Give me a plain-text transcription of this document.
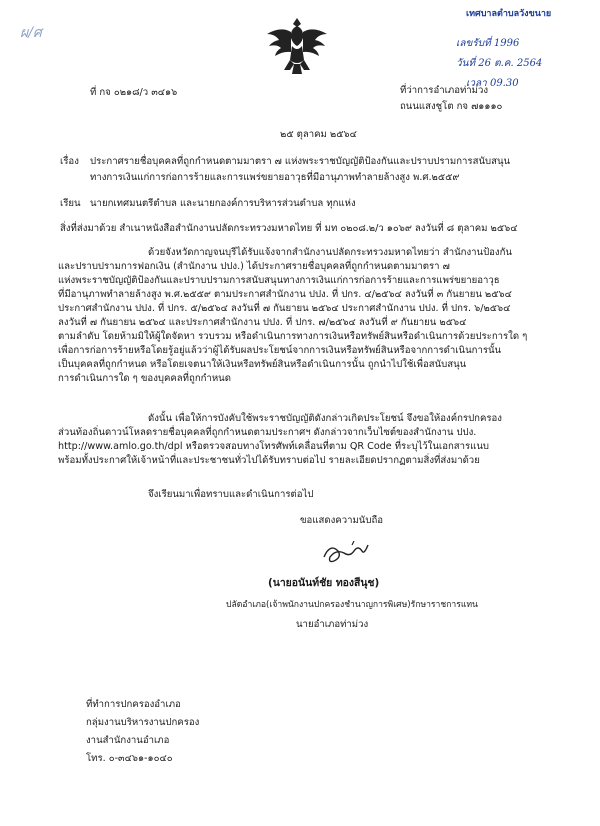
ผ/ศ
เทศบาลตำบลวังขนาย
เลขรับที่ 1996
วันที่ 26 ต.ค. 2564
เวลา 09.30
ที่ กจ ๐๒๑๘/ว ๓๔๑๖	ที่ว่าการอำเภอท่าม่วง
ถนนแสงชูโต กจ ๗๑๑๑๐
๒๕ ตุลาคม ๒๕๖๔
เรื่อง ประกาศรายชื่อบุคคลที่ถูกกำหนดตามมาตรา ๗ แห่งพระราชบัญญัติป้องกันและปราบปรามการสนับสนุน
ทางการเงินแก่การก่อการร้ายและการแพร่ขยายอาวุธที่มีอานุภาพทำลายล้างสูง พ.ศ.๒๕๕๙
เรียน นายกเทศมนตรีตำบล และนายกองค์การบริหารส่วนตำบล ทุกแห่ง
สิ่งที่ส่งมาด้วย สำเนาหนังสือสำนักงานปลัดกระทรวงมหาดไทย ที่ มท ๐๒๐๘.๒/ว ๑๐๖๙ ลงวันที่ ๘ ตุลาคม ๒๕๖๔
ด้วยจังหวัดกาญจนบุรีได้รับแจ้งจากสำนักงานปลัดกระทรวงมหาดไทยว่า สำนักงานป้องกัน
และปราบปรามการฟอกเงิน (สำนักงาน ปปง.) ได้ประกาศรายชื่อบุคคลที่ถูกกำหนดตามมาตรา ๗
แห่งพระราชบัญญัติป้องกันและปราบปรามการสนับสนุนทางการเงินแก่การก่อการร้ายและการแพร่ขยายอาวุธ
ที่มีอานุภาพทำลายล้างสูง พ.ศ.๒๕๕๙ ตามประกาศสำนักงาน ปปง. ที่ ปกร. ๔/๒๕๖๔ ลงวันที่ ๓ กันยายน ๒๕๖๔
ประกาศสำนักงาน ปปง. ที่ ปกร. ๕/๒๕๖๔ ลงวันที่ ๗ กันยายน ๒๕๖๔ ประกาศสำนักงาน ปปง. ที่ ปกร. ๖/๒๕๖๔
ลงวันที่ ๗ กันยายน ๒๕๖๔ และประกาศสำนักงาน ปปง. ที่ ปกร. ๗/๒๕๖๔ ลงวันที่ ๙ กันยายน ๒๕๖๔
ตามลำดับ โดยห้ามมิให้ผู้ใดจัดหา รวบรวม หรือดำเนินการทางการเงินหรือทรัพย์สินหรือดำเนินการด้วยประการใด ๆ
เพื่อการก่อการร้ายหรือโดยรู้อยู่แล้วว่าผู้ได้รับผลประโยชน์จากการเงินหรือทรัพย์สินหรือจากการดำเนินการนั้น
เป็นบุคคลที่ถูกกำหนด หรือโดยเจตนาให้เงินหรือทรัพย์สินหรือดำเนินการนั้น ถูกนำไปใช้เพื่อสนับสนุน
การดำเนินการใด ๆ ของบุคคลที่ถูกกำหนด
ดังนั้น เพื่อให้การบังคับใช้พระราชบัญญัติดังกล่าวเกิดประโยชน์ จึงขอให้องค์กรปกครอง
ส่วนท้องถิ่นดาวน์โหลดรายชื่อบุคคลที่ถูกกำหนดตามประกาศฯ ดังกล่าวจากเว็บไซต์ของสำนักงาน ปปง.
http://www.amlo.go.th/dpl หรือตรวจสอบทางโทรศัพท์เคลื่อนที่ตาม QR Code ที่ระบุไว้ในเอกสารแนบ
พร้อมทั้งประกาศให้เจ้าหน้าที่และประชาชนทั่วไปได้รับทราบต่อไป รายละเอียดปรากฏตามสิ่งที่ส่งมาด้วย
จึงเรียนมาเพื่อทราบและดำเนินการต่อไป
ขอแสดงความนับถือ
(นายอนันท์ชัย ทองสีนุช)
ปลัดอำเภอ(เจ้าพนักงานปกครองชำนาญการพิเศษ)รักษาราชการแทน
นายอำเภอท่าม่วง
ที่ทำการปกครองอำเภอ
กลุ่มงานบริหารงานปกครอง
งานสำนักงานอำเภอ
โทร. ๐-๓๔๖๑-๑๐๔๐
